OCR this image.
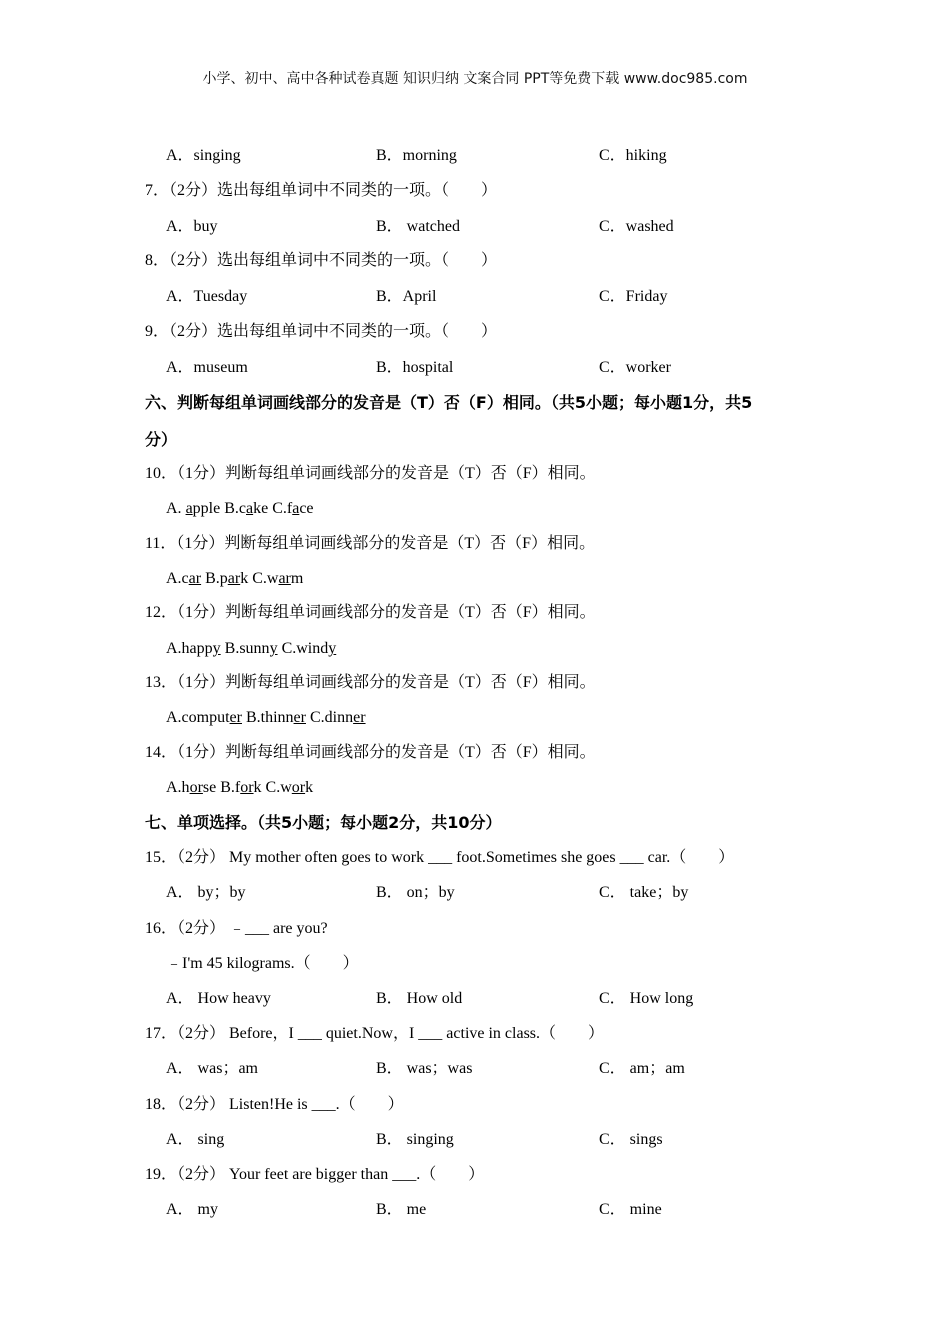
小学、初中、高中各种试卷真题 知识归纳 文案合同 PPT等免费下载 www.doc985.com
A．singing	B．morning	C．hiking
7．（2分）选出每组单词中不同类的一项。（　　）
A．buy	B． watched	C．washed
8．（2分）选出每组单词中不同类的一项。（　　）
A．Tuesday	B．April	C．Friday
9．（2分）选出每组单词中不同类的一项。（　　）
A．museum	B．hospital	C．worker
六、判断每组单词画线部分的发音是（T）否（F）相同。（共5小题；每小题1分，共5
分）
10．（1分）判断每组单词画线部分的发音是（T）否（F）相同。
A. apple B.cake C.face
11．（1分）判断每组单词画线部分的发音是（T）否（F）相同。
A.car B.park C.warm
12．（1分）判断每组单词画线部分的发音是（T）否（F）相同。
A.happy B.sunny C.windy
13．（1分）判断每组单词画线部分的发音是（T）否（F）相同。
A.computer B.thinner C.dinner
14．（1分）判断每组单词画线部分的发音是（T）否（F）相同。
A.horse B.fork C.work
七、单项选择。（共5小题；每小题2分，共10分）
15．（2分） My mother often goes to work ___ foot.Sometimes she goes ___ car.（　　）
A． by；by	B． on；by	C． take；by
16．（2分） ﹣___ are you?
﹣I'm 45 kilograms.（　　）
A． How heavy	B． How old	C． How long
17．（2分） Before，I ___ quiet.Now，I ___ active in class.（　　）
A． was；am	B． was；was	C． am；am
18．（2分） Listen!He is ___.（　　）
A． sing	B． singing	C． sings
19．（2分） Your feet are bigger than ___.（　　）
A． my	B． me	C． mine
